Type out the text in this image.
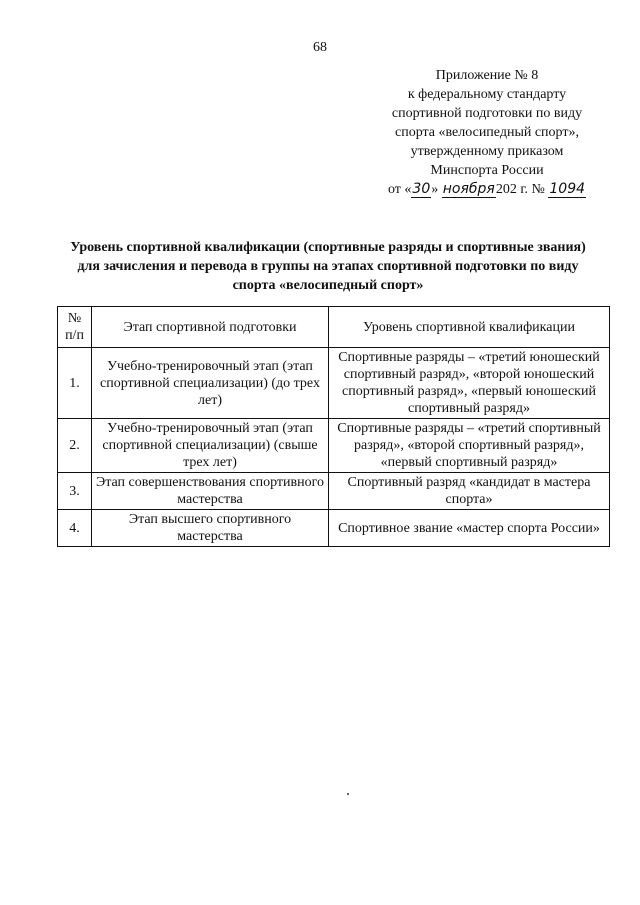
68
Приложение № 8
к федеральному стандарту
спортивной подготовки по виду
спорта «велосипедный спорт»,
утвержденному приказом
Минспорта России
от «30» ноября202 г. № 1094
Уровень спортивной квалификации (спортивные разряды и спортивные звания) для зачисления и перевода в группы на этапах спортивной подготовки по виду спорта «велосипедный спорт»
№ п/п	Этап спортивной подготовки	Уровень спортивной квалификации
1.	Учебно-тренировочный этап (этап спортивной специализации) (до трех лет)	Спортивные разряды – «третий юношеский спортивный разряд», «второй юношеский спортивный разряд», «первый юношеский спортивный разряд»
2.	Учебно-тренировочный этап (этап спортивной специализации) (свыше трех лет)	Спортивные разряды – «третий спортивный разряд», «второй спортивный разряд», «первый спортивный разряд»
3.	Этап совершенствования спортивного мастерства	Спортивный разряд «кандидат в мастера спорта»
4.	Этап высшего спортивного мастерства	Спортивное звание «мастер спорта России»
